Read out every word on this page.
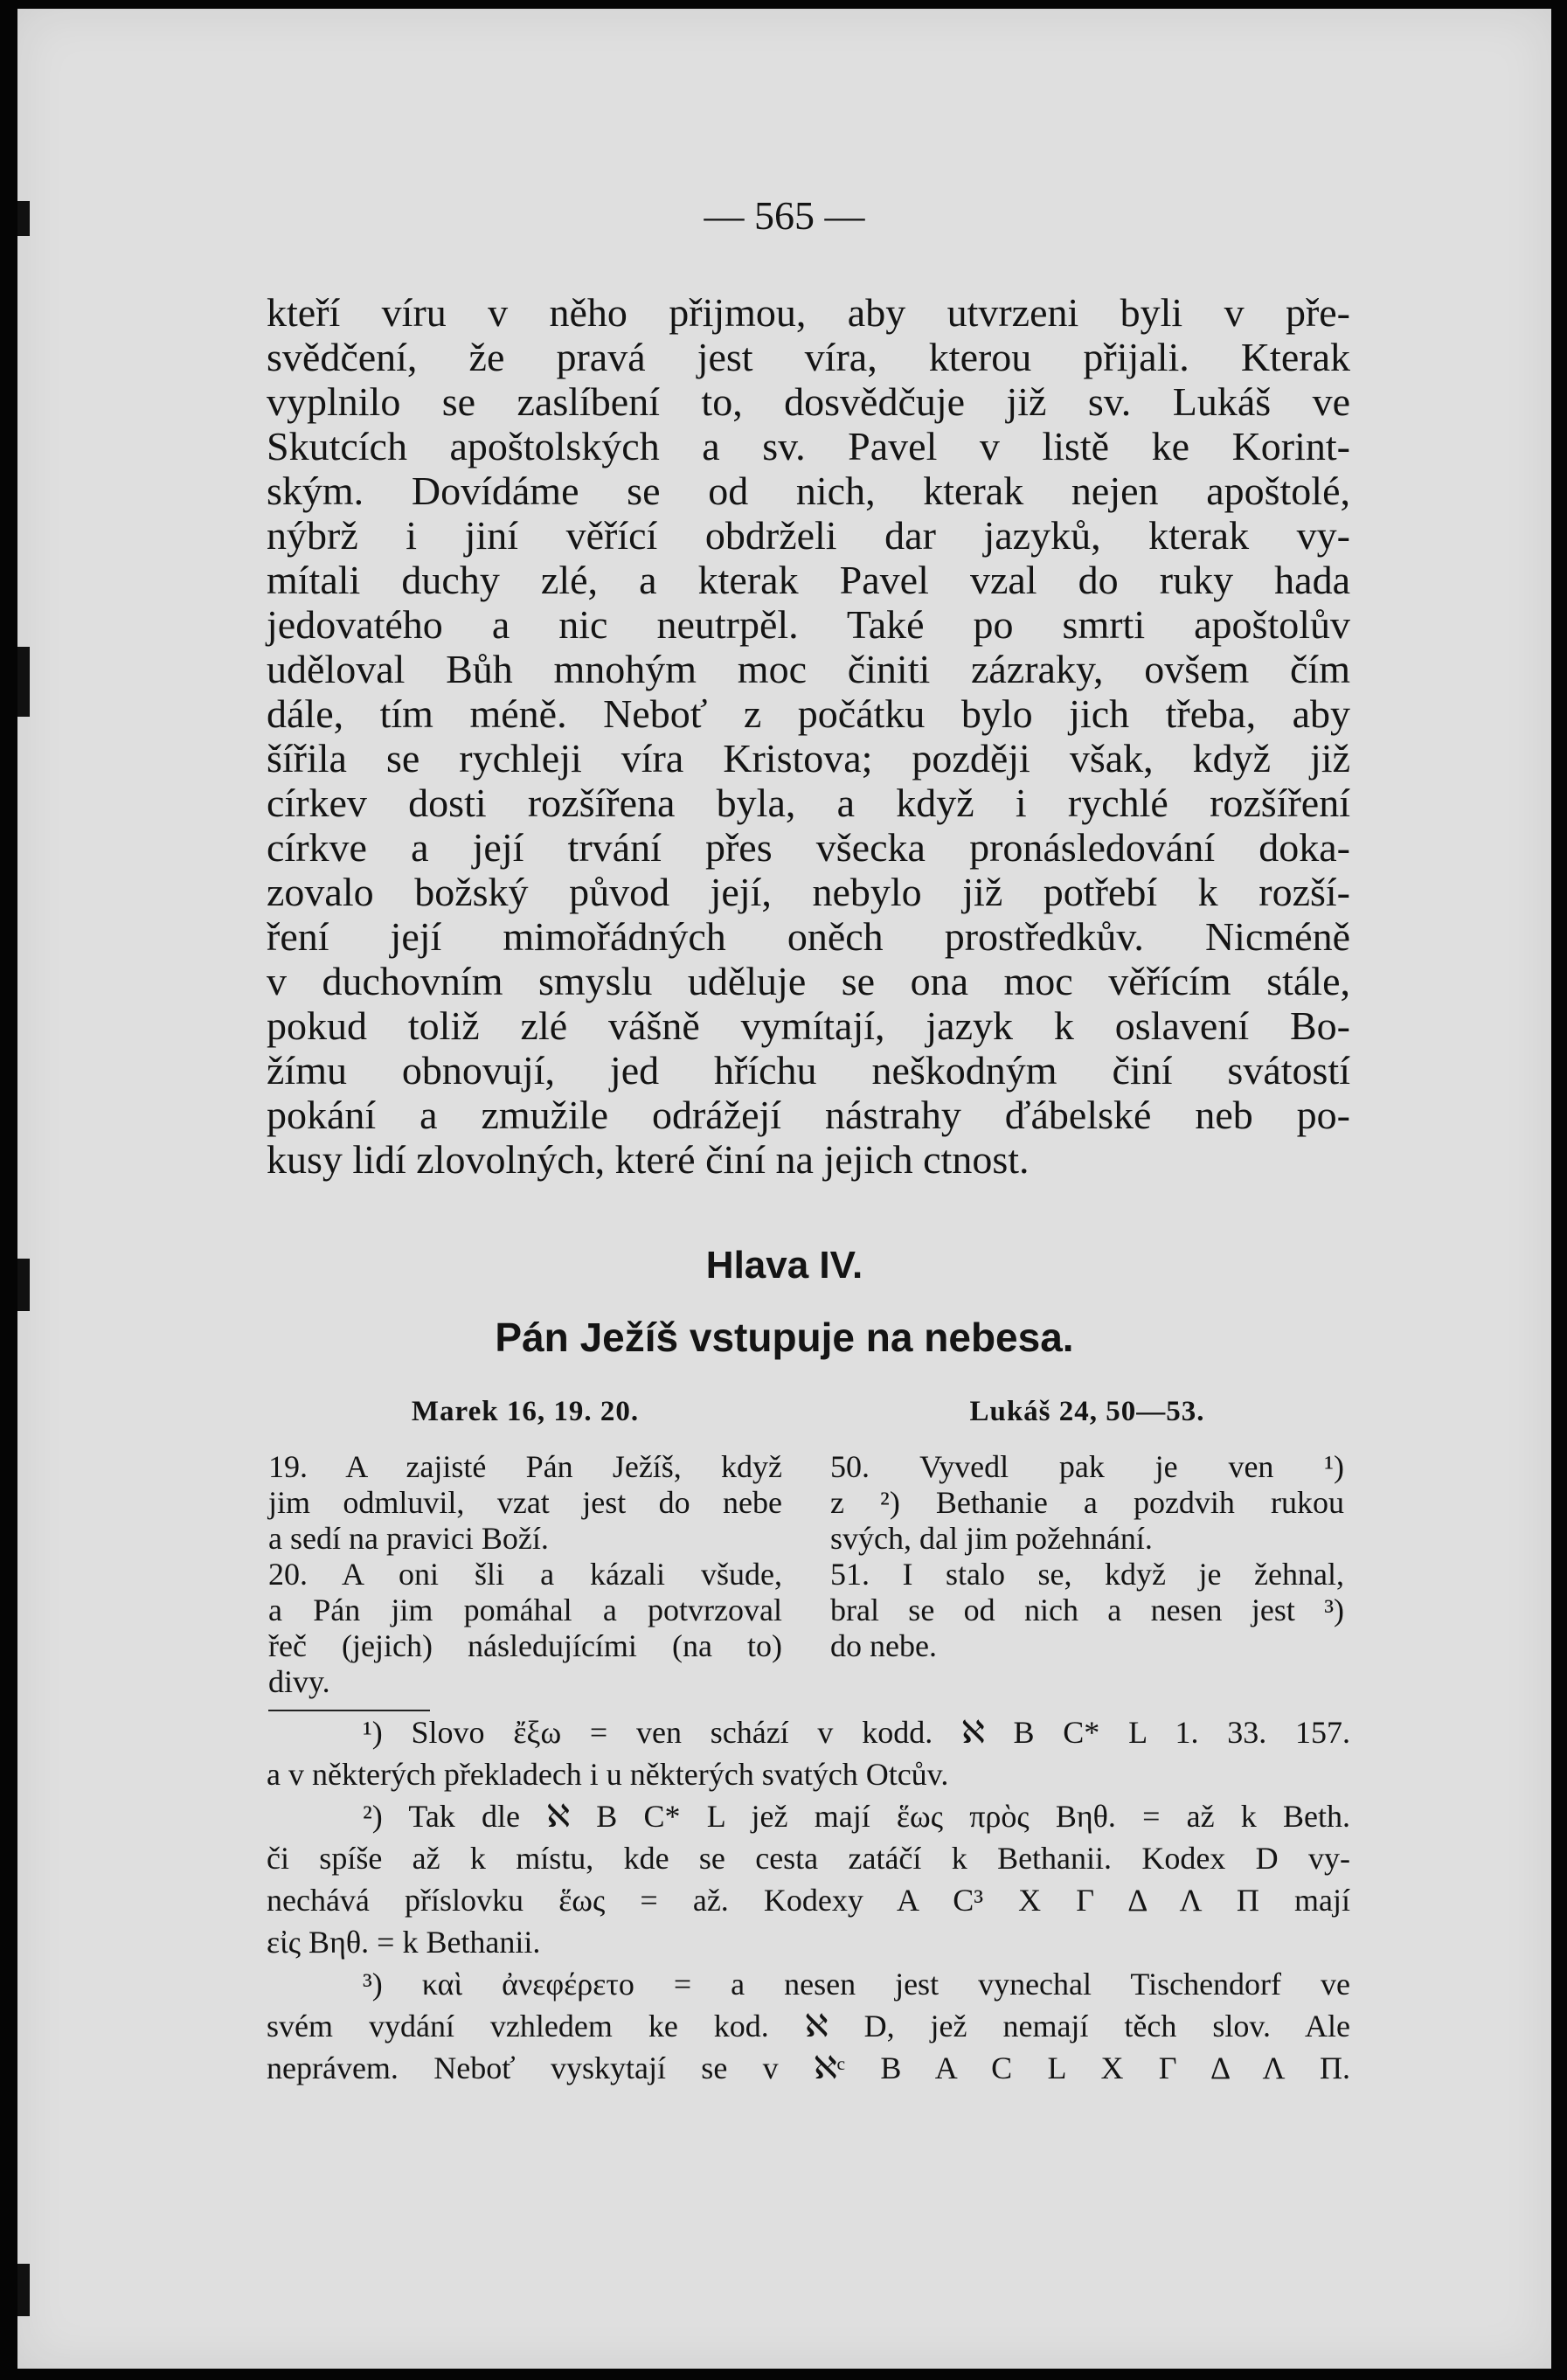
— 565 —
kteří víru v něho přijmou, aby utvrzeni byli v pře-
svědčení, že pravá jest víra, kterou přijali. Kterak
vyplnilo se zaslíbení to, dosvědčuje již sv. Lukáš ve
Skutcích apoštolských a sv. Pavel v listě ke Korint-
ským. Dovídáme se od nich, kterak nejen apoštolé,
nýbrž i jiní věřící obdrželi dar jazyků, kterak vy-
mítali duchy zlé, a kterak Pavel vzal do ruky hada
jedovatého a nic neutrpěl. Také po smrti apoštolův
uděloval Bůh mnohým moc činiti zázraky, ovšem čím
dále, tím méně. Neboť z počátku bylo jich třeba, aby
šířila se rychleji víra Kristova; později však, když již
církev dosti rozšířena byla, a když i rychlé rozšíření
církve a její trvání přes všecka pronásledování doka-
zovalo božský původ její, nebylo již potřebí k rozší-
ření její mimořádných oněch prostředkův. Nicméně
v duchovním smyslu uděluje se ona moc věřícím stále,
pokud toliž zlé vášně vymítají, jazyk k oslavení Bo-
žímu obnovují, jed hříchu neškodným činí svátostí
pokání a zmužile odrážejí nástrahy ďábelské neb po-
kusy lidí zlovolných, které činí na jejich ctnost.
Hlava IV.
Pán Ježíš vstupuje na nebesa.
Marek 16, 19. 20.
19. A zajisté Pán Ježíš, když
jim odmluvil, vzat jest do nebe
a sedí na pravici Boží.
20. A oni šli a kázali všude,
a Pán jim pomáhal a potvrzoval
řeč (jejich) následujícími (na to)
divy.
Lukáš 24, 50—53.
50. Vyvedl pak je ven ¹)
z ²) Bethanie a pozdvih rukou
svých, dal jim požehnání.
51. I stalo se, když je žehnal,
bral se od nich a nesen jest ³)
do nebe.
¹) Slovo ἔξω = ven schází v kodd. ℵ B C* L 1. 33. 157.
a v některých překladech i u některých svatých Otcův.
²) Tak dle ℵ B C* L jež mají ἕως πρὸς Βηθ. = až k Beth.
či spíše až k místu, kde se cesta zatáčí k Bethanii. Kodex D vy-
nechává příslovku ἕως = až. Kodexy A C³ X Γ Δ Λ Π mají
εἰς Βηθ. = k Bethanii.
³) καὶ ἀνεφέρετο = a nesen jest vynechal Tischendorf ve
svém vydání vzhledem ke kod. ℵ D, jež nemají těch slov. Ale
neprávem. Neboť vyskytají se v ℵᶜ B A C L X Γ Δ Λ Π.
